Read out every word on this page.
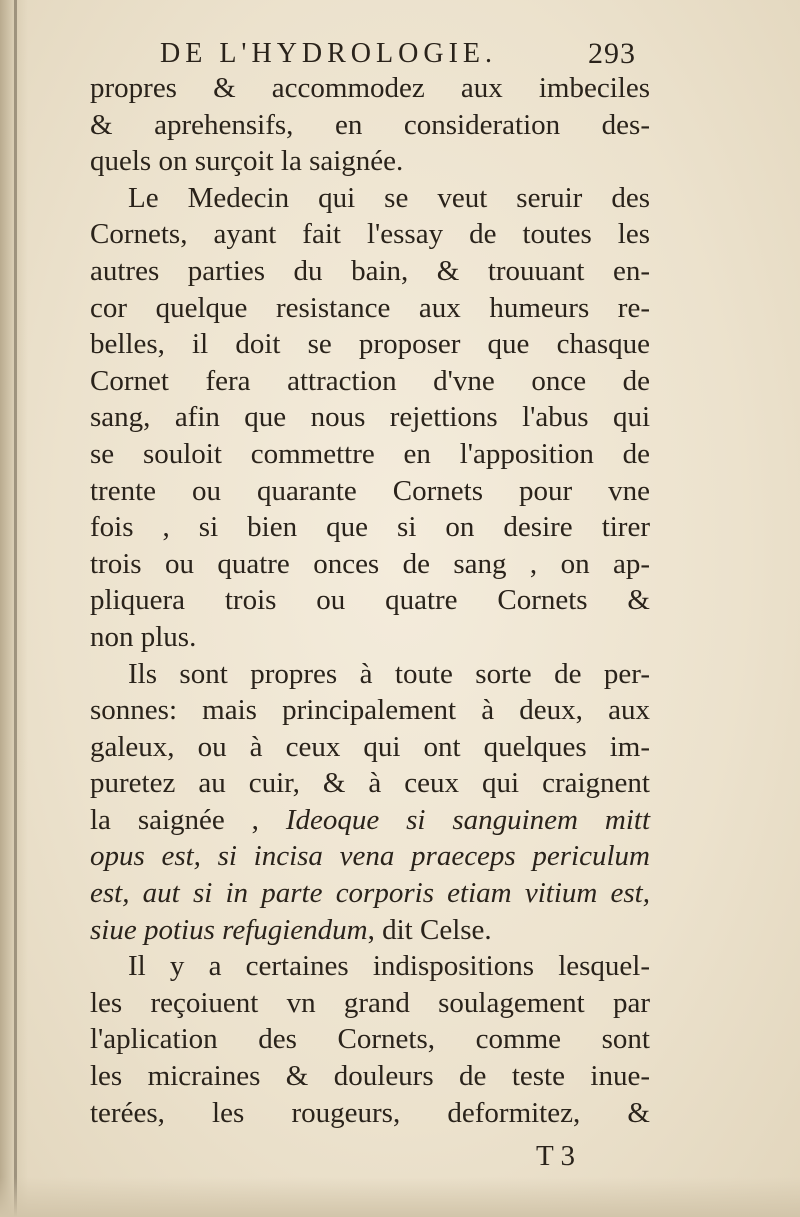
DE L'HYDROLOGIE.	293
propres & accommodez aux imbeciles
& aprehensifs, en consideration des-
quels on surçoit la saignée.
Le Medecin qui se veut seruir des
Cornets, ayant fait l'essay de toutes les
autres parties du bain, & trouuant en-
cor quelque resistance aux humeurs re-
belles, il doit se proposer que chasque
Cornet fera attraction d'vne once de
sang, afin que nous rejettions l'abus qui
se souloit commettre en l'apposition de
trente ou quarante Cornets pour vne
fois , si bien que si on desire tirer
trois ou quatre onces de sang , on ap-
pliquera trois ou quatre Cornets &
non plus.
Ils sont propres à toute sorte de per-
sonnes: mais principalement à deux, aux
galeux, ou à ceux qui ont quelques im-
puretez au cuir, & à ceux qui craignent
la saignée , Ideoque si sanguinem mitt
opus est, si incisa vena praeceps periculum
est, aut si in parte corporis etiam vitium est,
siue potius refugiendum, dit Celse.
Il y a certaines indispositions lesquel-
les reçoiuent vn grand soulagement par
l'aplication des Cornets, comme sont
les micraines & douleurs de teste inue-
terées, les rougeurs, deformitez, &
T 3
